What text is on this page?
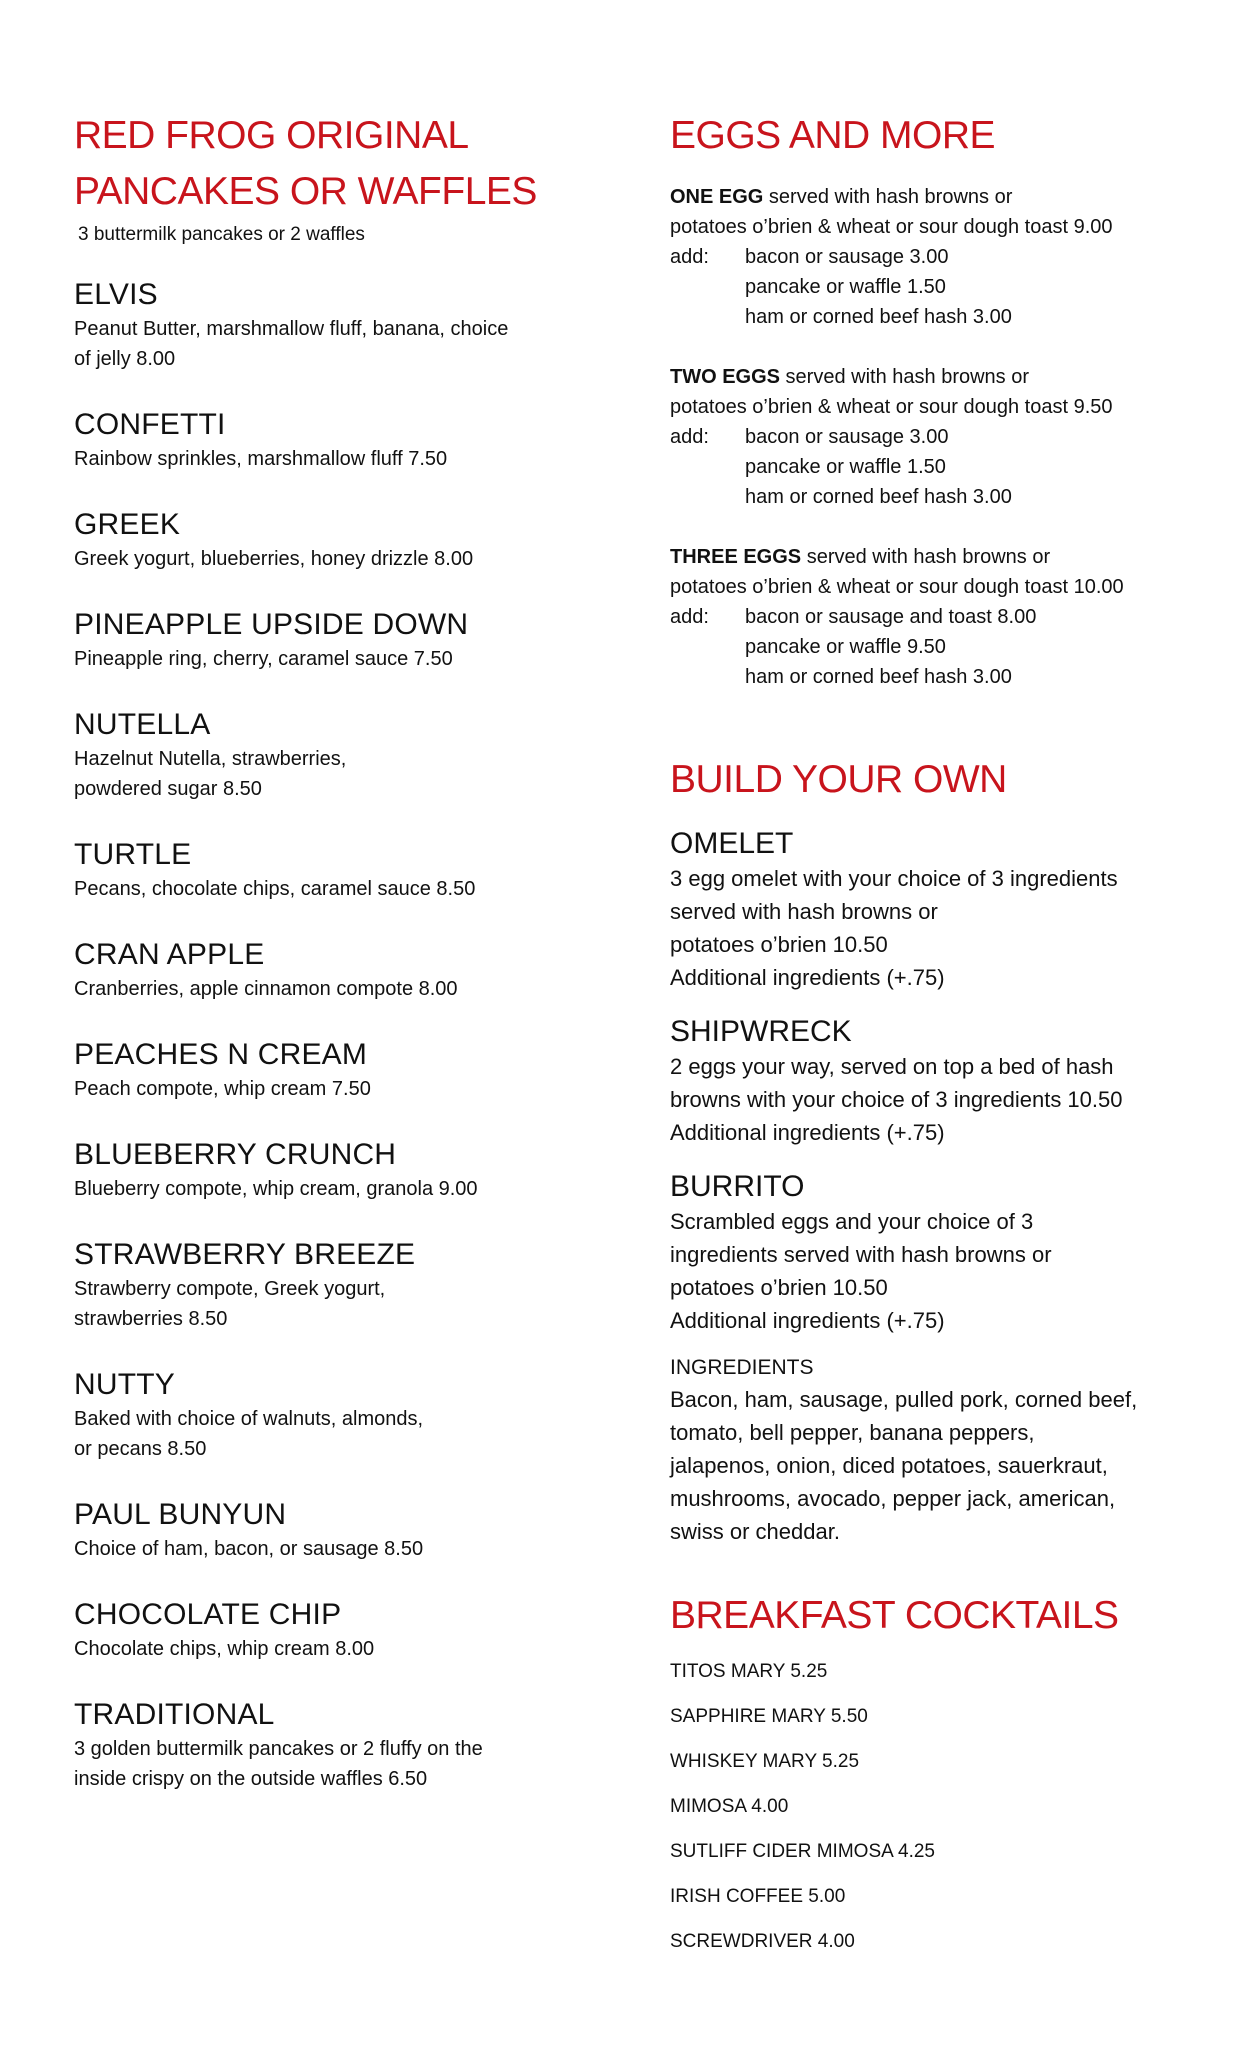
RED FROG ORIGINAL
PANCAKES OR WAFFLES

3 buttermilk pancakes or 2 waffles

ELVIS

Peanut Butter, marshmallow fluff, banana, choice
of jelly 8.00

CONFETTI

Rainbow sprinkles, marshmallow fluff 7.50

GREEK

Greek yogurt, blueberries, honey drizzle 8.00

PINEAPPLE UPSIDE DOWN

Pineapple ring, cherry, caramel sauce 7.50

NUTELLA

Hazelnut Nutella, strawberries,
powdered sugar 8.50

TURTLE

Pecans, chocolate chips, caramel sauce 8.50

CRAN APPLE

Cranberries, apple cinnamon compote 8.00

PEACHES N CREAM

Peach compote, whip cream 7.50

BLUEBERRY CRUNCH

Blueberry compote, whip cream, granola 9.00

STRAWBERRY BREEZE

Strawberry compote, Greek yogurt,
strawberries 8.50

NUTTY

Baked with choice of walnuts, almonds,
or pecans 8.50

PAUL BUNYUN

Choice of ham, bacon, or sausage 8.50

CHOCOLATE CHIP

Chocolate chips, whip cream 8.00

TRADITIONAL

3 golden buttermilk pancakes or 2 fluffy on the
inside crispy on the outside waffles 6.50

EGGS AND MORE
ONE EGG served with hash browns or
potatoes o’brien & wheat or sour dough toast 9.00
add:	bacon or sausage 3.00
pancake or waffle 1.50
ham or corned beef hash 3.00
TWO EGGS served with hash browns or
potatoes o’brien & wheat or sour dough toast 9.50
add:	bacon or sausage 3.00
pancake or waffle 1.50
ham or corned beef hash 3.00
THREE EGGS served with hash browns or
potatoes o’brien & wheat or sour dough toast 10.00
add:	bacon or sausage and toast 8.00
pancake or waffle 9.50
ham or corned beef hash 3.00
BUILD YOUR OWN

OMELET

3 egg omelet with your choice of 3 ingredients
served with hash browns or
potatoes o’brien 10.50
Additional ingredients (+.75)

SHIPWRECK

2 eggs your way, served on top a bed of hash
browns with your choice of 3 ingredients 10.50
Additional ingredients (+.75)

BURRITO

Scrambled eggs and your choice of 3
ingredients served with hash browns or
potatoes o’brien 10.50
Additional ingredients (+.75)

INGREDIENTS

Bacon, ham, sausage, pulled pork, corned beef,
tomato, bell pepper, banana peppers,
jalapenos, onion, diced potatoes, sauerkraut,
mushrooms, avocado, pepper jack, american,
swiss or cheddar.

BREAKFAST COCKTAILS
TITOS MARY 5.25
SAPPHIRE MARY 5.50
WHISKEY MARY 5.25
MIMOSA 4.00
SUTLIFF CIDER MIMOSA 4.25
IRISH COFFEE 5.00
SCREWDRIVER 4.00
